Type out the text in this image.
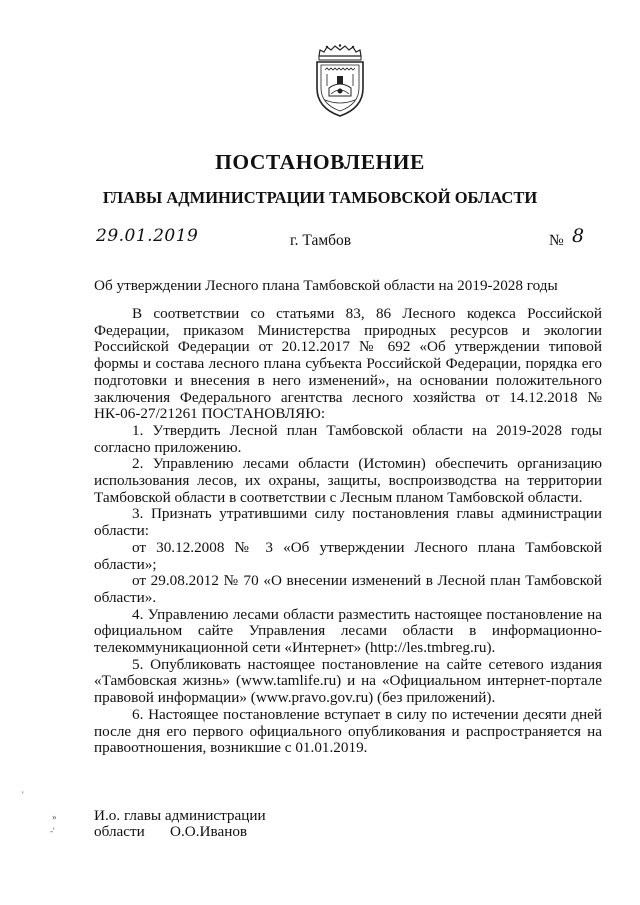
ПОСТАНОВЛЕНИЕ
ГЛАВЫ АДМИНИСТРАЦИИ ТАМБОВСКОЙ ОБЛАСТИ
29.01.2019	г. Тамбов	№ 8
Об утверждении Лесного плана Тамбовской области на 2019-2028 годы

В соответствии со статьями 83, 86 Лесного кодекса Российской Федерации, приказом Министерства природных ресурсов и экологии Российской Федерации от 20.12.2017 № 692 «Об утверждении типовой формы и состава лесного плана субъекта Российской Федерации, порядка его подготовки и внесения в него изменений», на основании положительного заключения Федерального агентства лесного хозяйства от 14.12.2018 № НК-06-27/21261 ПОСТАНОВЛЯЮ:

1. Утвердить Лесной план Тамбовской области на 2019-2028 годы согласно приложению.

2. Управлению лесами области (Истомин) обеспечить организацию использования лесов, их охраны, защиты, воспроизводства на территории Тамбовской области в соответствии с Лесным планом Тамбовской области.

3. Признать утратившими силу постановления главы администрации области:

от 30.12.2008 № 3 «Об утверждении Лесного плана Тамбовской области»;

от 29.08.2012 № 70 «О внесении изменений в Лесной план Тамбовской области».

4. Управлению лесами области разместить настоящее постановление на официальном сайте Управления лесами области в информационно-телекоммуникационной сети «Интернет» (http://les.tmbreg.ru).

5. Опубликовать настоящее постановление на сайте сетевого издания «Тамбовская жизнь» (www.tamlife.ru) и на «Официальном интернет-портале правовой информации» (www.pravo.gov.ru) (без приложений).

6. Настоящее постановление вступает в силу по истечении десяти дней после дня его первого официального опубликования и распространяется на правоотношения, возникшие с 01.01.2019.

И.о. главы администрации
области О.О.Иванов
'
»
-'
